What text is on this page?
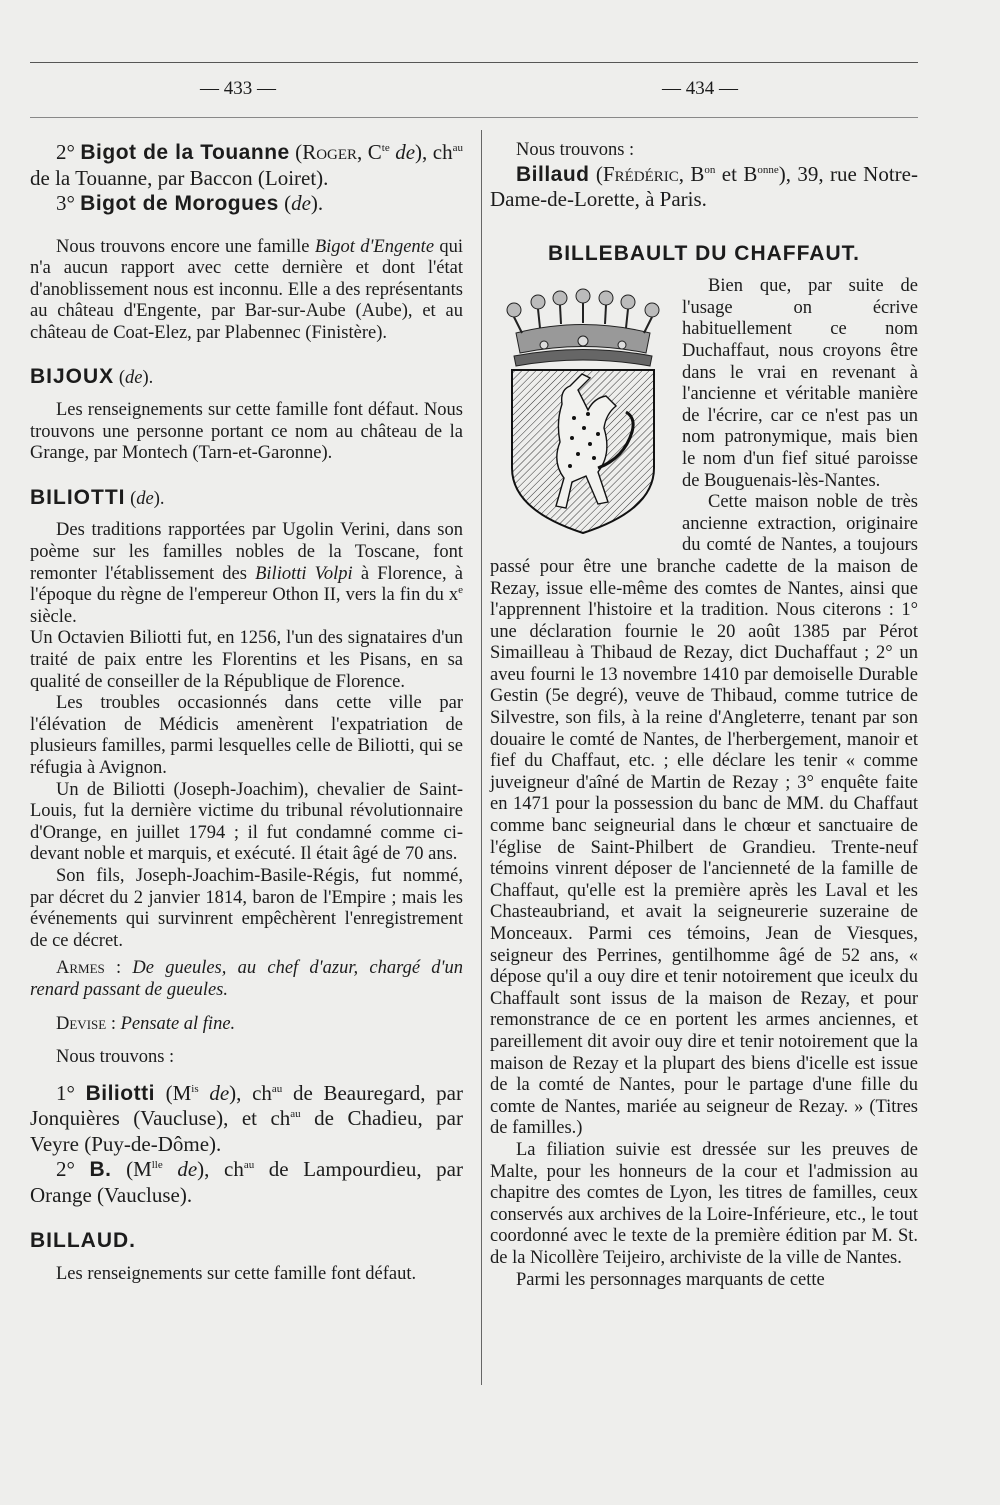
— 433 —	— 434 —

2° Bigot de la Touanne (Roger, $C^{te}$ de), $ch^{au}$ de la Touanne, par Baccon (Loiret).

3° Bigot de Morogues (de).

Nous trouvons encore une famille Bigot d'Engente qui n'a aucun rapport avec cette dernière et dont l'état d'anoblissement nous est inconnu. Elle a des représentants au château d'Engente, par Bar-sur-Aube (Aube), et au château de Coat-Elez, par Plabennec (Finistère).

BIJOUX (de).

Les renseignements sur cette famille font défaut. Nous trouvons une personne portant ce nom au château de la Grange, par Montech (Tarn-et-Garonne).

BILIOTTI (de).

Des traditions rapportées par Ugolin Verini, dans son poème sur les familles nobles de la Toscane, font remonter l'établissement des Biliotti Volpi à Florence, à l'époque du règne de l'empereur Othon II, vers la fin du $x^e$ siècle.

Un Octavien Biliotti fut, en 1256, l'un des signataires d'un traité de paix entre les Florentins et les Pisans, en sa qualité de conseiller de la République de Florence.

Les troubles occasionnés dans cette ville par l'élévation de Médicis amenèrent l'expatriation de plusieurs familles, parmi lesquelles celle de Biliotti, qui se réfugia à Avignon.

Un de Biliotti (Joseph-Joachim), chevalier de Saint-Louis, fut la dernière victime du tribunal révolutionnaire d'Orange, en juillet 1794 ; il fut condamné comme ci-devant noble et marquis, et exécuté. Il était âgé de 70 ans.

Son fils, Joseph-Joachim-Basile-Régis, fut nommé, par décret du 2 janvier 1814, baron de l'Empire ; mais les événements qui survinrent empêchèrent l'enregistrement de ce décret.

Armes : De gueules, au chef d'azur, chargé d'un renard passant de gueules.

Devise : Pensate al fine.

Nous trouvons :

1° Biliotti ($M^{is}$ de), $ch^{au}$ de Beauregard, par Jonquières (Vaucluse), et $ch^{au}$ de Chadieu, par Veyre (Puy-de-Dôme).

2° B. ($M^{lle}$ de), $ch^{au}$ de Lampourdieu, par Orange (Vaucluse).

BILLAUD.

Les renseignements sur cette famille font défaut.

Nous trouvons :

Billaud (Frédéric, $B^{on}$ et $B^{onne}$), 39, rue Notre-Dame-de-Lorette, à Paris.

BILLEBAULT DU CHAFFAUT.

Bien que, par suite de l'usage on écrive habituellement ce nom Duchaffaut, nous croyons être dans le vrai en revenant à l'ancienne et véritable manière de l'écrire, car ce n'est pas un nom patronymique, mais bien le nom d'un fief situé paroisse de Bouguenais-lès-Nantes.

Cette maison noble de très ancienne extraction, originaire du comté de Nantes, a toujours passé pour être une branche cadette de la maison de Rezay, issue elle-même des comtes de Nantes, ainsi que l'apprennent l'histoire et la tradition. Nous citerons : 1° une déclaration fournie le 20 août 1385 par Pérot Simailleau à Thibaud de Rezay, dict Duchaffaut ; 2° un aveu fourni le 13 novembre 1410 par demoiselle Durable Gestin (5e degré), veuve de Thibaud, comme tutrice de Silvestre, son fils, à la reine d'Angleterre, tenant par son douaire le comté de Nantes, de l'herbergement, manoir et fief du Chaffaut, etc. ; elle déclare les tenir « comme juveigneur d'aîné de Martin de Rezay ; 3° enquête faite en 1471 pour la possession du banc de MM. du Chaffaut comme banc seigneurial dans le chœur et sanctuaire de l'église de Saint-Philbert de Grandieu. Trente-neuf témoins vinrent déposer de l'ancienneté de la famille de Chaffaut, qu'elle est la première après les Laval et les Chasteaubriand, et avait la seigneurerie suzeraine de Monceaux. Parmi ces témoins, Jean de Viesques, seigneur des Perrines, gentilhomme âgé de 52 ans, « dépose qu'il a ouy dire et tenir notoirement que iceulx du Chaffault sont issus de la maison de Rezay, et pour remonstrance de ce en portent les armes anciennes, et pareillement dit avoir ouy dire et tenir notoirement que la maison de Rezay et la plupart des biens d'icelle est issue de la comté de Nantes, pour le partage d'une fille du comte de Nantes, mariée au seigneur de Rezay. » (Titres de familles.)

La filiation suivie est dressée sur les preuves de Malte, pour les honneurs de la cour et l'admission au chapitre des comtes de Lyon, les titres de familles, ceux conservés aux archives de la Loire-Inférieure, etc., le tout coordonné avec le texte de la première édition par M. St. de la Nicollère Teijeiro, archiviste de la ville de Nantes.

Parmi les personnages marquants de cette
